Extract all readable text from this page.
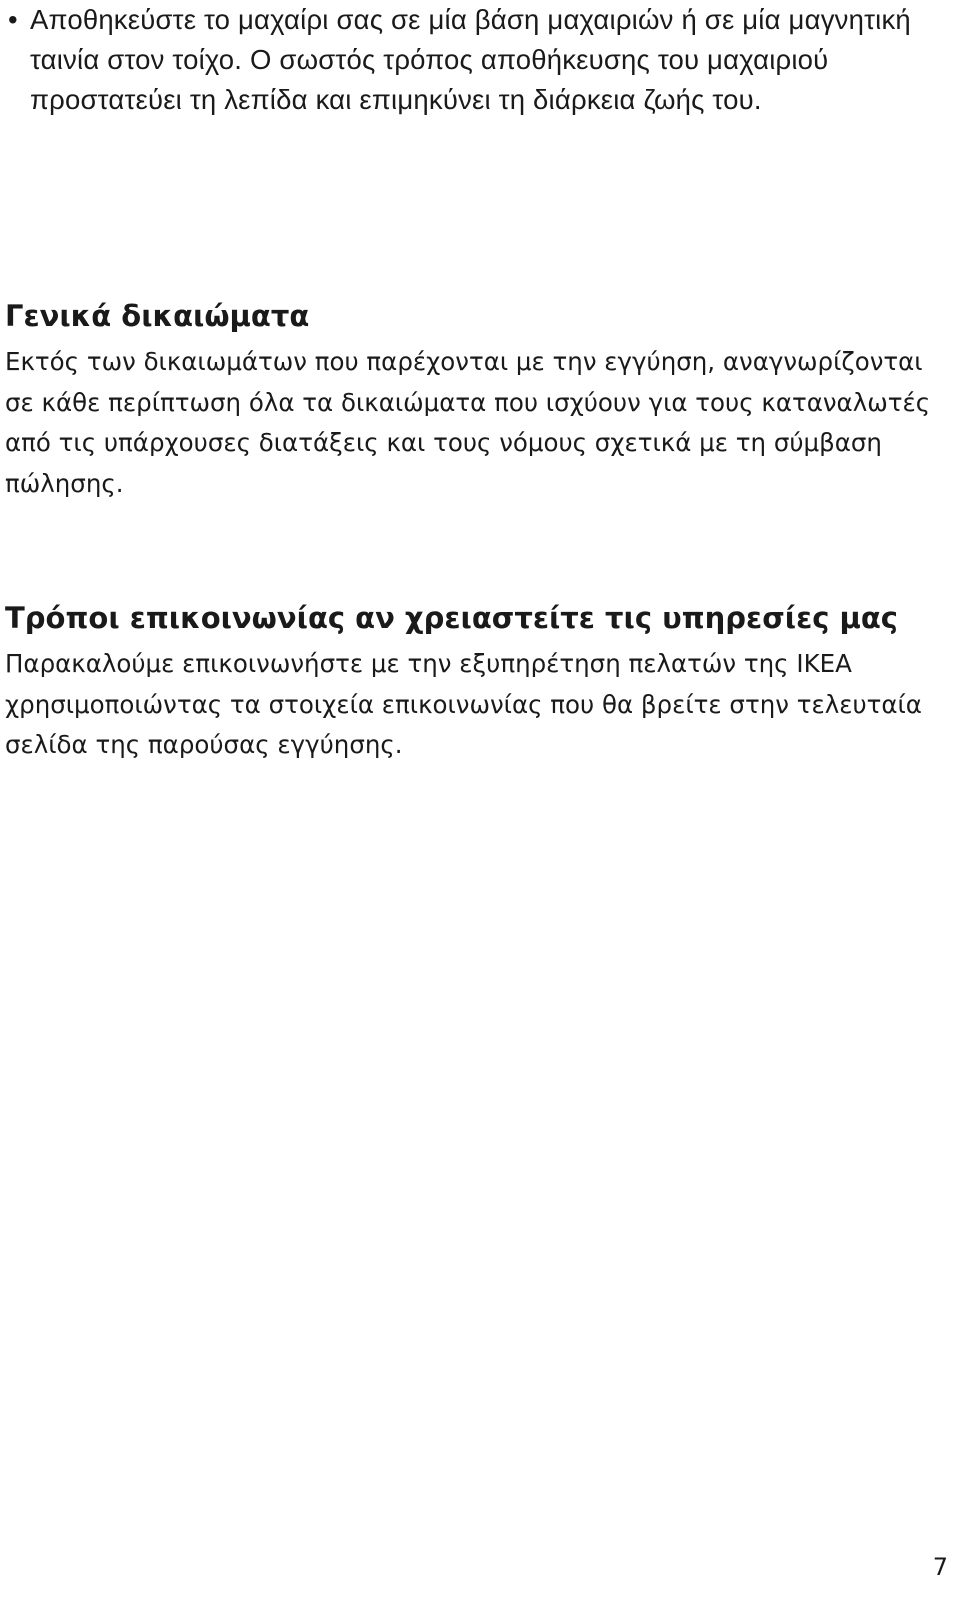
• Αποθηκεύστε το μαχαίρι σας σε μία βάση μαχαιριών ή σε μία μαγνητική ταινία στον τοίχο. Ο σωστός τρόπος αποθήκευσης του μαχαιριού προστατεύει τη λεπίδα και επιμηκύνει τη διάρκεια ζωής του.
Γενικά δικαιώματα

Εκτός των δικαιωμάτων που παρέχονται με την εγγύηση, αναγνωρίζονται σε κάθε περίπτωση όλα τα δικαιώματα που ισχύουν για τους καταναλωτές από τις υπάρχουσες διατάξεις και τους νόμους σχετικά με τη σύμβαση πώλησης.

Τρόποι επικοινωνίας αν χρειαστείτε τις υπηρεσίες μας

Παρακαλούμε επικοινωνήστε με την εξυπηρέτηση πελατών της IKEA χρησιμοποιώντας τα στοιχεία επικοινωνίας που θα βρείτε στην τελευταία σελίδα της παρούσας εγγύησης.

7
